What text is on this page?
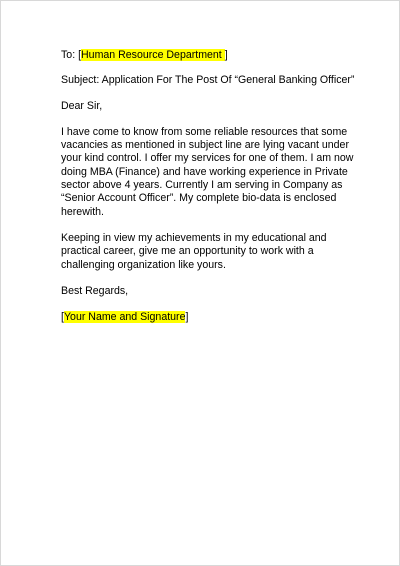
To: [Human Resource Department ]
Subject: Application For The Post Of “General Banking Officer”
Dear Sir,
I have come to know from some reliable resources that some
vacancies as mentioned in subject line are lying vacant under
your kind control. I offer my services for one of them. I am now
doing MBA (Finance) and have working experience in Private
sector above 4 years. Currently I am serving in Company as
“Senior Account Officer”. My complete bio-data is enclosed
herewith.
Keeping in view my achievements in my educational and
practical career, give me an opportunity to work with a
challenging organization like yours.
Best Regards,
[Your Name and Signature]
